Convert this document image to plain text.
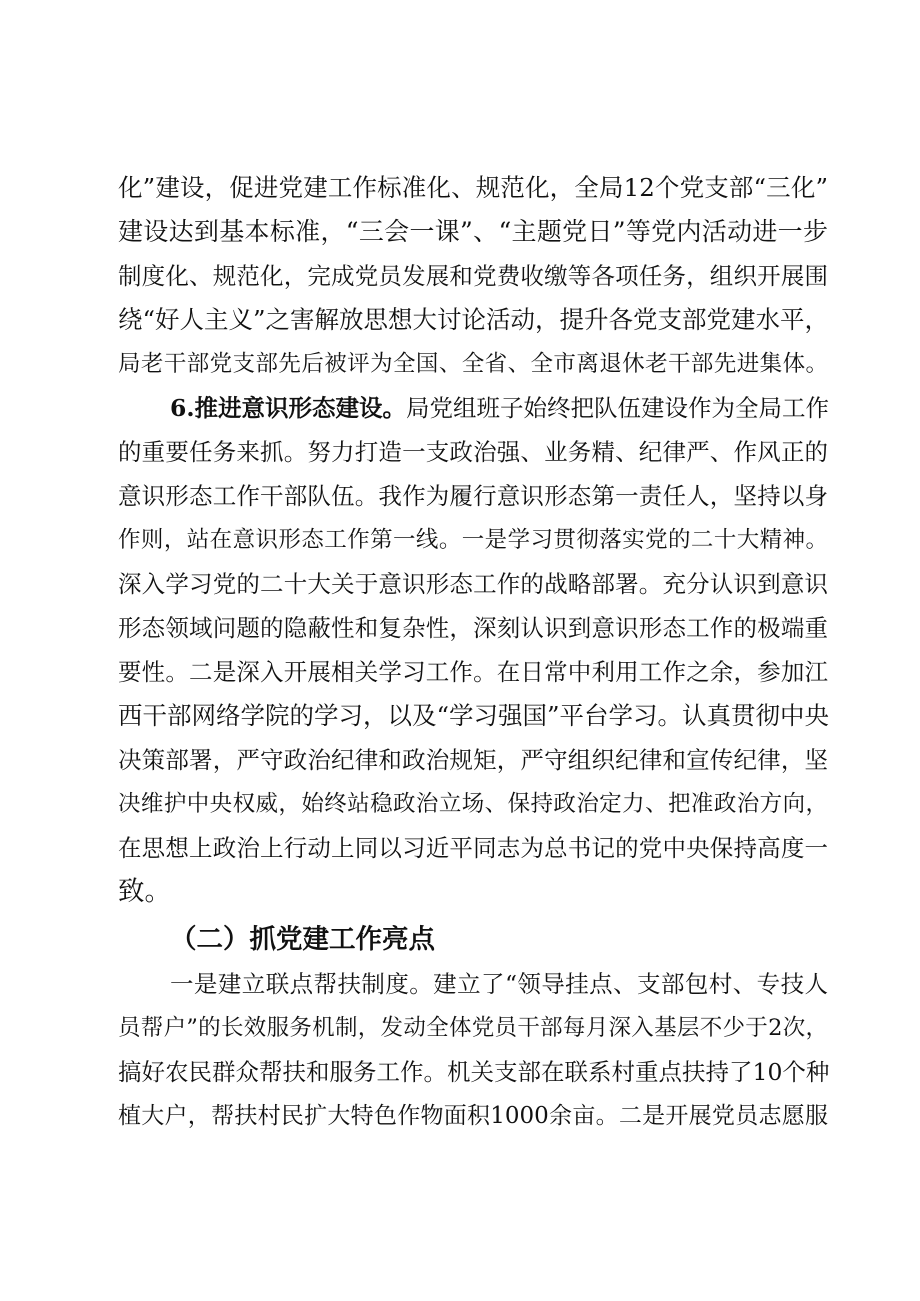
化”建设，促进党建工作标准化、规范化，全局12个党支部“三化”
建设达到基本标准，“三会一课”、“主题党日”等党内活动进一步
制度化、规范化，完成党员发展和党费收缴等各项任务，组织开展围
绕“好人主义”之害解放思想大讨论活动，提升各党支部党建水平，
局老干部党支部先后被评为全国、全省、全市离退休老干部先进集体。
6.推进意识形态建设。局党组班子始终把队伍建设作为全局工作
的重要任务来抓。努力打造一支政治强、业务精、纪律严、作风正的
意识形态工作干部队伍。我作为履行意识形态第一责任人，坚持以身
作则，站在意识形态工作第一线。一是学习贯彻落实党的二十大精神。
深入学习党的二十大关于意识形态工作的战略部署。充分认识到意识
形态领域问题的隐蔽性和复杂性，深刻认识到意识形态工作的极端重
要性。二是深入开展相关学习工作。在日常中利用工作之余，参加江
西干部网络学院的学习，以及“学习强国”平台学习。认真贯彻中央
决策部署，严守政治纪律和政治规矩，严守组织纪律和宣传纪律，坚
决维护中央权威，始终站稳政治立场、保持政治定力、把准政治方向，
在思想上政治上行动上同以习近平同志为总书记的党中央保持高度一
致。
（二）抓党建工作亮点
一是建立联点帮扶制度。建立了“领导挂点、支部包村、专技人
员帮户”的长效服务机制，发动全体党员干部每月深入基层不少于2次，
搞好农民群众帮扶和服务工作。机关支部在联系村重点扶持了10个种
植大户，帮扶村民扩大特色作物面积1000余亩。二是开展党员志愿服
